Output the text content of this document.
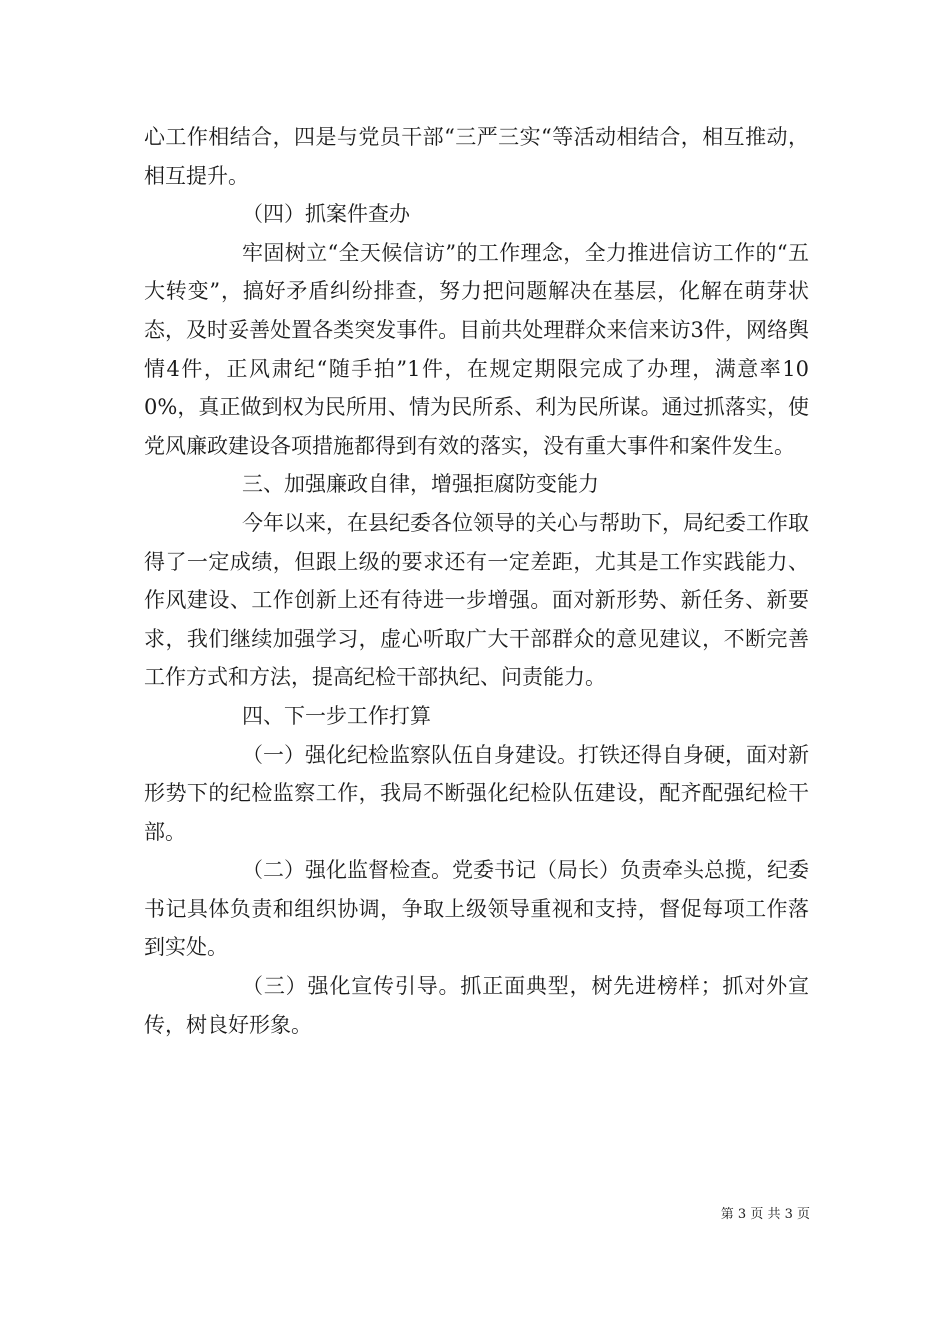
心工作相结合，四是与党员干部“三严三实“等活动相结合，相互推动，相互提升。

（四）抓案件查办

牢固树立“全天候信访”的工作理念，全力推进信访工作的“五大转变”，搞好矛盾纠纷排查，努力把问题解决在基层，化解在萌芽状态，及时妥善处置各类突发事件。目前共处理群众来信来访3件，网络舆情4件，正风肃纪“随手拍”1件，在规定期限完成了办理，满意率100%，真正做到权为民所用、情为民所系、利为民所谋。通过抓落实，使党风廉政建设各项措施都得到有效的落实，没有重大事件和案件发生。

三、加强廉政自律，增强拒腐防变能力

今年以来，在县纪委各位领导的关心与帮助下，局纪委工作取得了一定成绩，但跟上级的要求还有一定差距，尤其是工作实践能力、作风建设、工作创新上还有待进一步增强。面对新形势、新任务、新要求，我们继续加强学习，虚心听取广大干部群众的意见建议，不断完善工作方式和方法，提高纪检干部执纪、问责能力。

四、下一步工作打算

（一）强化纪检监察队伍自身建设。打铁还得自身硬，面对新形势下的纪检监察工作，我局不断强化纪检队伍建设，配齐配强纪检干部。

（二）强化监督检查。党委书记（局长）负责牵头总揽，纪委书记具体负责和组织协调，争取上级领导重视和支持，督促每项工作落到实处。

（三）强化宣传引导。抓正面典型，树先进榜样；抓对外宣传，树良好形象。

第 3 页 共 3 页
